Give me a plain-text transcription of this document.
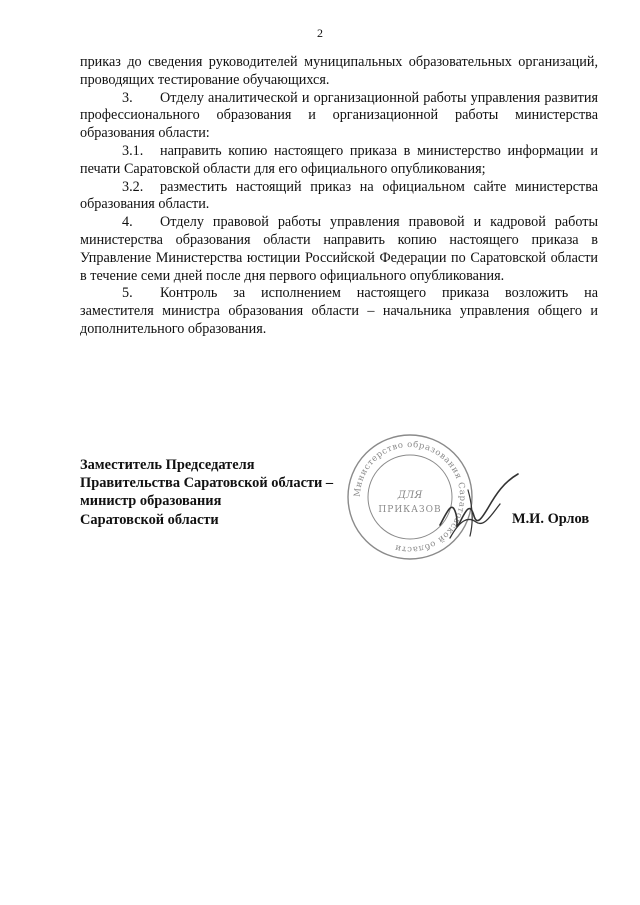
2

приказ до сведения руководителей муниципальных образовательных организаций, проводящих тестирование обучающихся.

3. Отделу аналитической и организационной работы управления развития профессионального образования и организационной работы министерства образования области:

3.1. направить копию настоящего приказа в министерство информации и печати Саратовской области для его официального опубликования;

3.2. разместить настоящий приказ на официальном сайте министерства образования области.

4. Отделу правовой работы управления правовой и кадровой работы министерства образования области направить копию настоящего приказа в Управление Министерства юстиции Российской Федерации по Саратовской области в течение семи дней после дня первого официального опубликования.

5. Контроль за исполнением настоящего приказа возложить на заместителя министра образования области – начальника управления общего и дополнительного образования.

Заместитель Председателя
Правительства Саратовской области –
министр образования
Саратовской области
Министерство образования Саратовской области
ДЛЯ
ПРИКАЗОВ
М.И. Орлов
